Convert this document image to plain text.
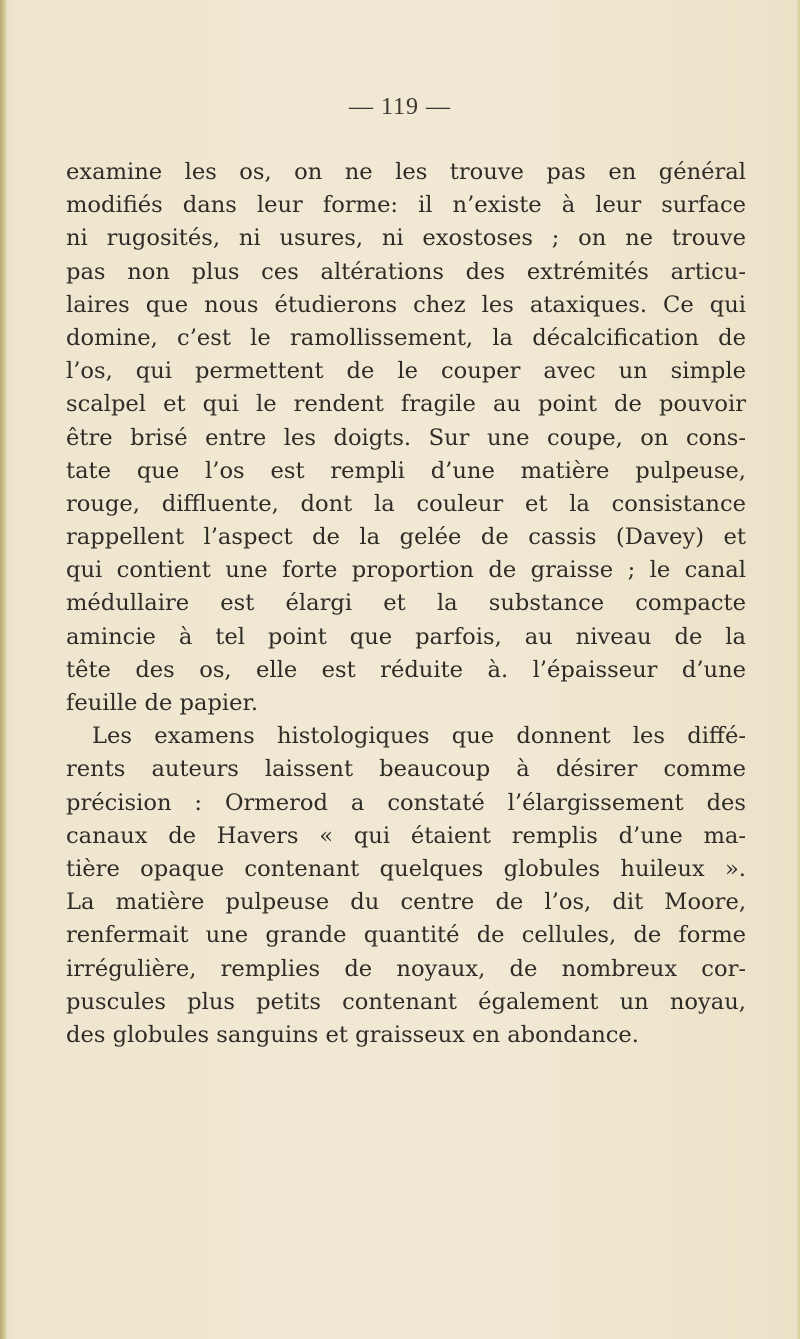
— 119 —
examine les os, on ne les trouve pas en général
modifiés dans leur forme: il n’existe à leur surface
ni rugosités, ni usures, ni exostoses ; on ne trouve
pas non plus ces altérations des extrémités articu-
laires que nous étudierons chez les ataxiques. Ce qui
domine, c’est le ramollissement, la décalcification de
l’os, qui permettent de le couper avec un simple
scalpel et qui le rendent fragile au point de pouvoir
être brisé entre les doigts. Sur une coupe, on cons-
tate que l’os est rempli d’une matière pulpeuse,
rouge, diffluente, dont la couleur et la consistance
rappellent l’aspect de la gelée de cassis (Davey) et
qui contient une forte proportion de graisse ; le canal
médullaire est élargi et la substance compacte
amincie à tel point que parfois, au niveau de la
tête des os, elle est réduite à. l’épaisseur d’une
feuille de papier.
Les examens histologiques que donnent les diffé-
rents auteurs laissent beaucoup à désirer comme
précision : Ormerod a constaté l’élargissement des
canaux de Havers « qui étaient remplis d’une ma-
tière opaque contenant quelques globules huileux ».
La matière pulpeuse du centre de l’os, dit Moore,
renfermait une grande quantité de cellules, de forme
irrégulière, remplies de noyaux, de nombreux cor-
puscules plus petits contenant également un noyau,
des globules sanguins et graisseux en abondance.
